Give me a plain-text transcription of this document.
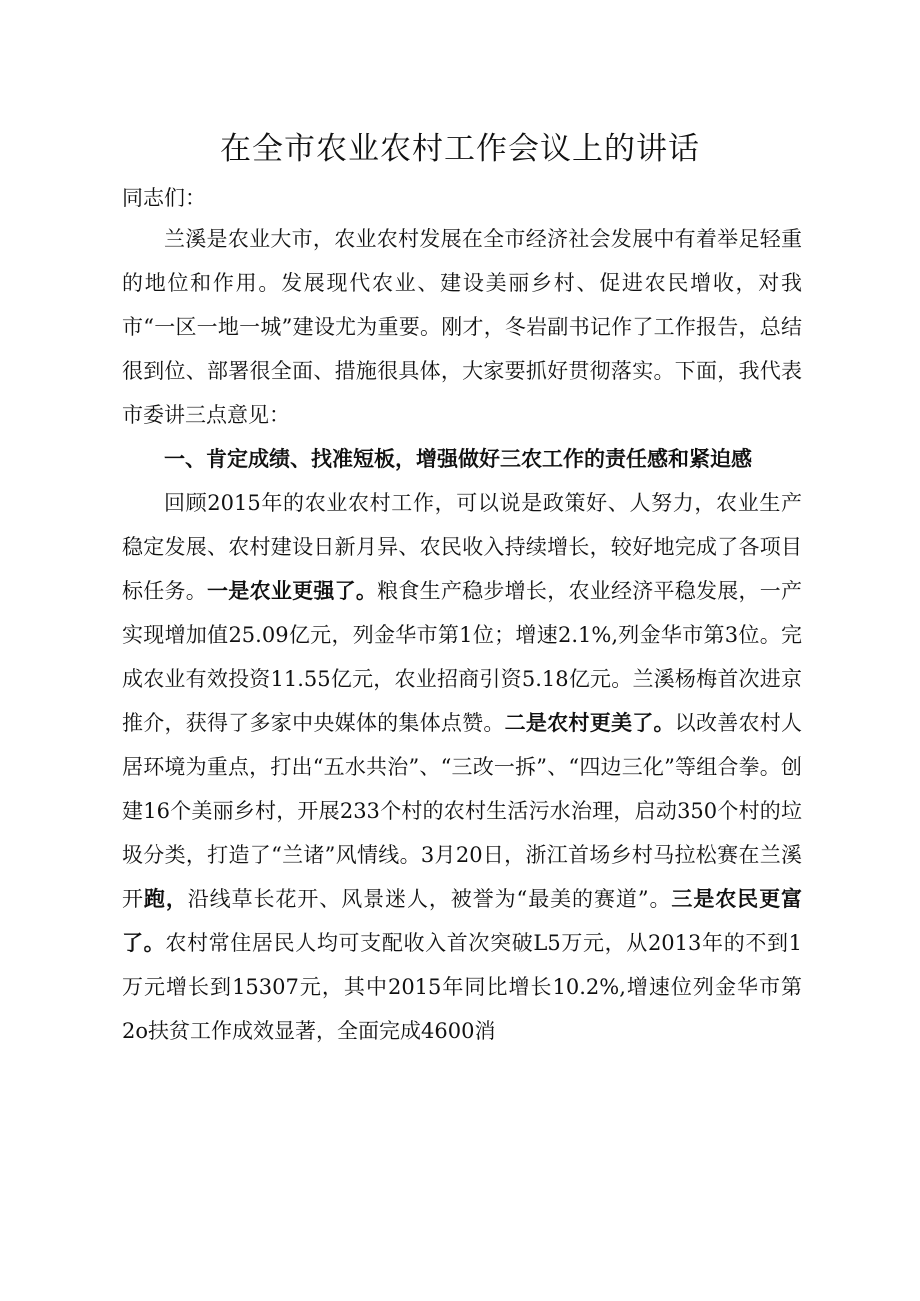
在全市农业农村工作会议上的讲话

同志们：

兰溪是农业大市，农业农村发展在全市经济社会发展中有着举足轻重的地位和作用。发展现代农业、建设美丽乡村、促进农民增收，对我市“一区一地一城”建设尤为重要。刚才，冬岩副书记作了工作报告，总结很到位、部署很全面、措施很具体，大家要抓好贯彻落实。下面，我代表市委讲三点意见：

一、肯定成绩、找准短板，增强做好三农工作的责任感和紧迫感

回顾2015年的农业农村工作，可以说是政策好、人努力，农业生产稳定发展、农村建设日新月异、农民收入持续增长，较好地完成了各项目标任务。一是农业更强了。粮食生产稳步增长，农业经济平稳发展，一产实现增加值25.09亿元，列金华市第1位；增速2.1%,列金华市第3位。完成农业有效投资11.55亿元，农业招商引资5.18亿元。兰溪杨梅首次进京推介，获得了多家中央媒体的集体点赞。二是农村更美了。以改善农村人居环境为重点，打出“五水共治”、“三改一拆”、“四边三化”等组合拳。创建16个美丽乡村，开展233个村的农村生活污水治理，启动350个村的垃圾分类，打造了“兰诸”风情线。3月20日，浙江首场乡村马拉松赛在兰溪开跑，沿线草长花开、风景迷人，被誉为“最美的赛道”。三是农民更富了。农村常住居民人均可支配收入首次突破L5万元，从2013年的不到1万元增长到15307元，其中2015年同比增长10.2%,增速位列金华市第2o扶贫工作成效显著，全面完成4600消
